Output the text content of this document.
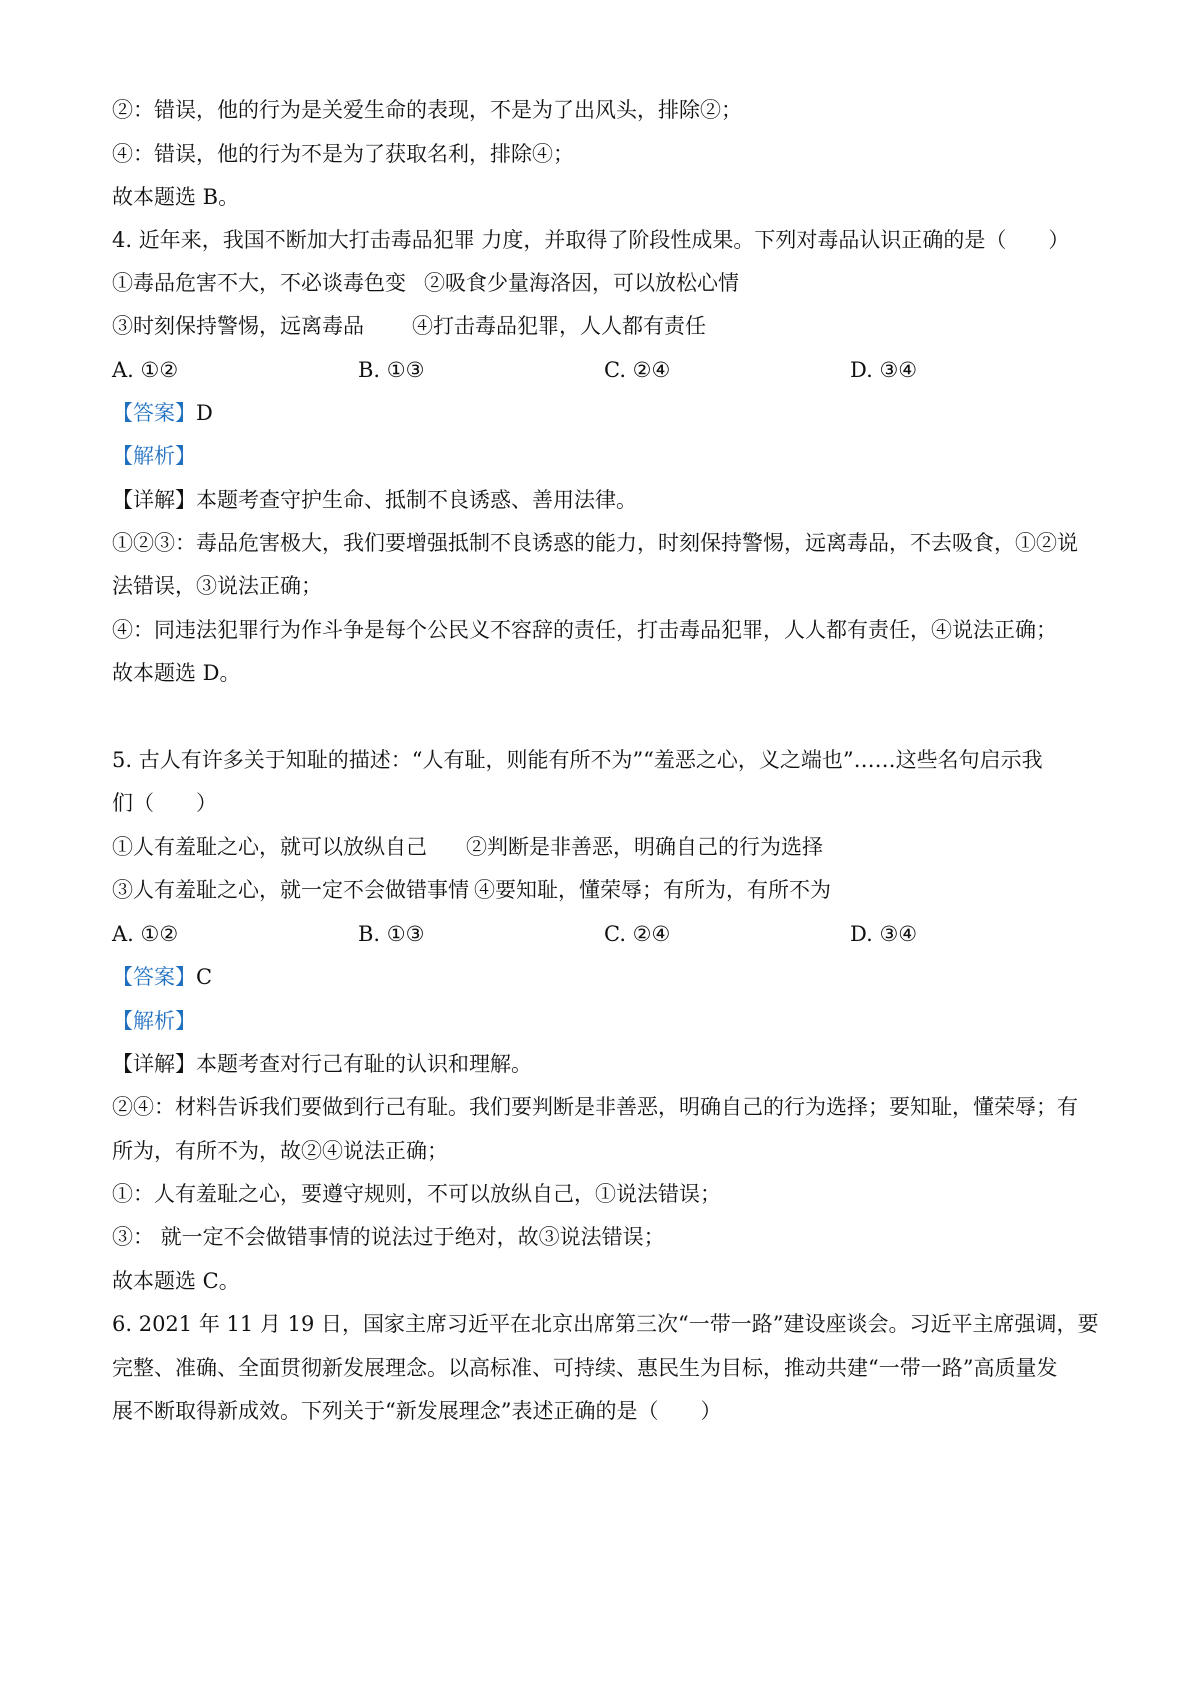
②：错误，他的行为是关爱生命的表现，不是为了出风头，排除②；
④：错误，他的行为不是为了获取名利，排除④；
故本题选 B。
4. 近年来，我国不断加大打击毒品犯罪 力度，并取得了阶段性成果。下列对毒品认识正确的是（　　）
①毒品危害不大，不必谈毒色变 ②吸食少量海洛因，可以放松心情
③时刻保持警惕，远离毒品 ④打击毒品犯罪，人人都有责任
A. ①②	B. ①③	C. ②④	D. ③④
【答案】D
【解析】
【详解】本题考查守护生命、抵制不良诱惑、善用法律。
①②③：毒品危害极大，我们要增强抵制不良诱惑的能力，时刻保持警惕，远离毒品，不去吸食，①②说
法错误，③说法正确；
④：同违法犯罪行为作斗争是每个公民义不容辞的责任，打击毒品犯罪，人人都有责任，④说法正确；
故本题选 D。
5. 古人有许多关于知耻的描述：“人有耻，则能有所不为”“羞恶之心，义之端也”……这些名句启示我
们（　　）
①人有羞耻之心，就可以放纵自己 ②判断是非善恶，明确自己的行为选择
③人有羞耻之心，就一定不会做错事情 ④要知耻，懂荣辱；有所为，有所不为
A. ①②	B. ①③	C. ②④	D. ③④
【答案】C
【解析】
【详解】本题考查对行己有耻的认识和理解。
②④：材料告诉我们要做到行己有耻。我们要判断是非善恶，明确自己的行为选择；要知耻，懂荣辱；有
所为，有所不为，故②④说法正确；
①：人有羞耻之心，要遵守规则，不可以放纵自己，①说法错误；
③： 就一定不会做错事情的说法过于绝对，故③说法错误；
故本题选 C。
6. 2021 年 11 月 19 日，国家主席习近平在北京出席第三次“一带一路”建设座谈会。习近平主席强调，要
完整、准确、全面贯彻新发展理念。以高标准、可持续、惠民生为目标，推动共建“一带一路”高质量发
展不断取得新成效。下列关于“新发展理念”表述正确的是（　　）
